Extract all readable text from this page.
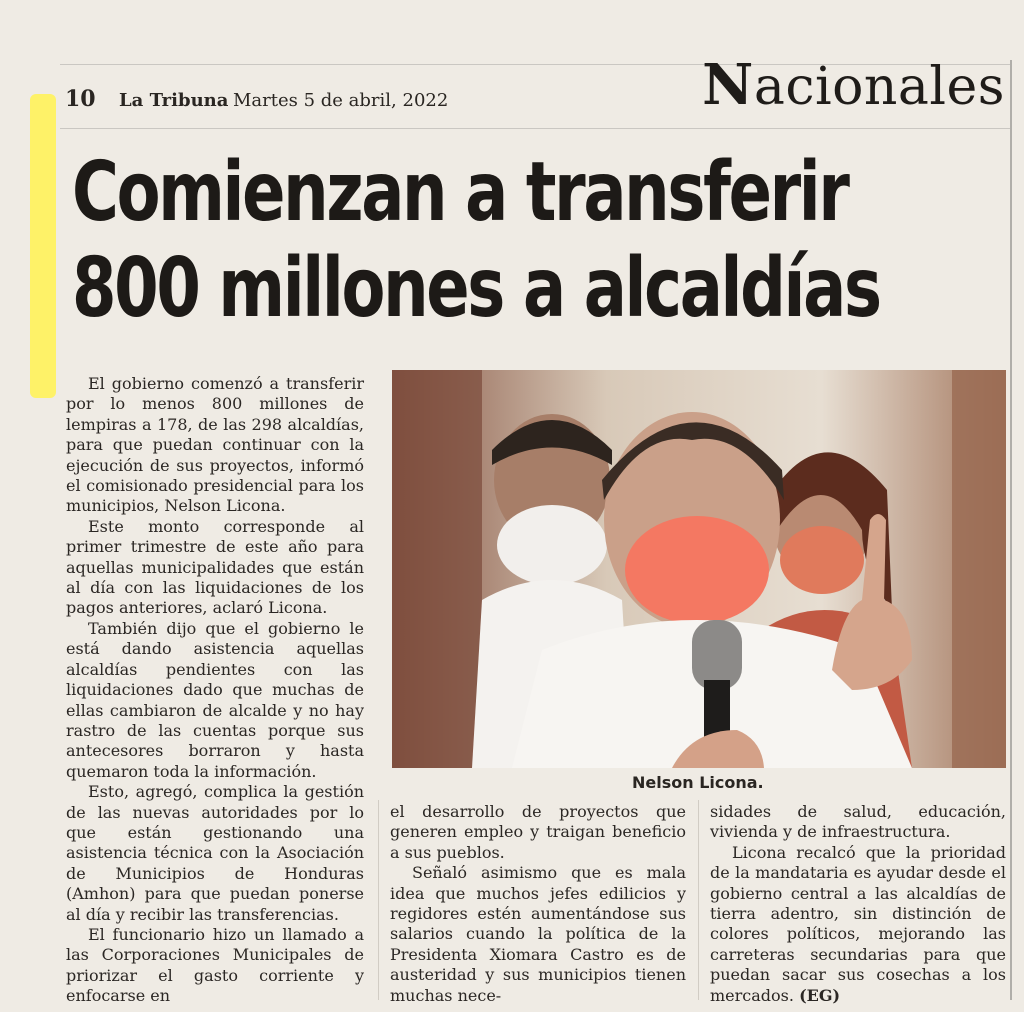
10 La Tribuna Martes 5 de abril, 2022	Nacionales
Comienzan a transferir
800 millones a alcaldías

El gobierno comenzó a transferir por lo menos 800 millones de lempiras a 178, de las 298 alcaldías, para que puedan continuar con la ejecución de sus proyectos, informó el comisionado presidencial para los municipios, Nelson Licona.

Este monto corresponde al primer trimestre de este año para aquellas municipalidades que están al día con las liquidaciones de los pagos anteriores, aclaró Licona.

También dijo que el gobierno le está dando asistencia aquellas alcaldías pendientes con las liquidaciones dado que muchas de ellas cambiaron de alcalde y no hay rastro de las cuentas porque sus antecesores borraron y hasta quemaron toda la información.

Esto, agregó, complica la gestión de las nuevas autoridades por lo que están gestionando una asistencia técnica con la Asociación de Municipios de Honduras (Amhon) para que puedan ponerse al día y recibir las transferencias.

El funcionario hizo un llamado a las Corporaciones Municipales de priorizar el gasto corriente y enfocarse en

Nelson Licona.

el desarrollo de proyectos que generen empleo y traigan beneficio a sus pueblos.

Señaló asimismo que es mala idea que muchos jefes edilicios y regidores estén aumentándose sus salarios cuando la política de la Presidenta Xiomara Castro es de austeridad y sus municipios tienen muchas nece-

sidades de salud, educación, vivienda y de infraestructura.

Licona recalcó que la prioridad de la mandataria es ayudar desde el gobierno central a las alcaldías de tierra adentro, sin distinción de colores políticos, mejorando las carreteras secundarias para que puedan sacar sus cosechas a los mercados. (EG)
